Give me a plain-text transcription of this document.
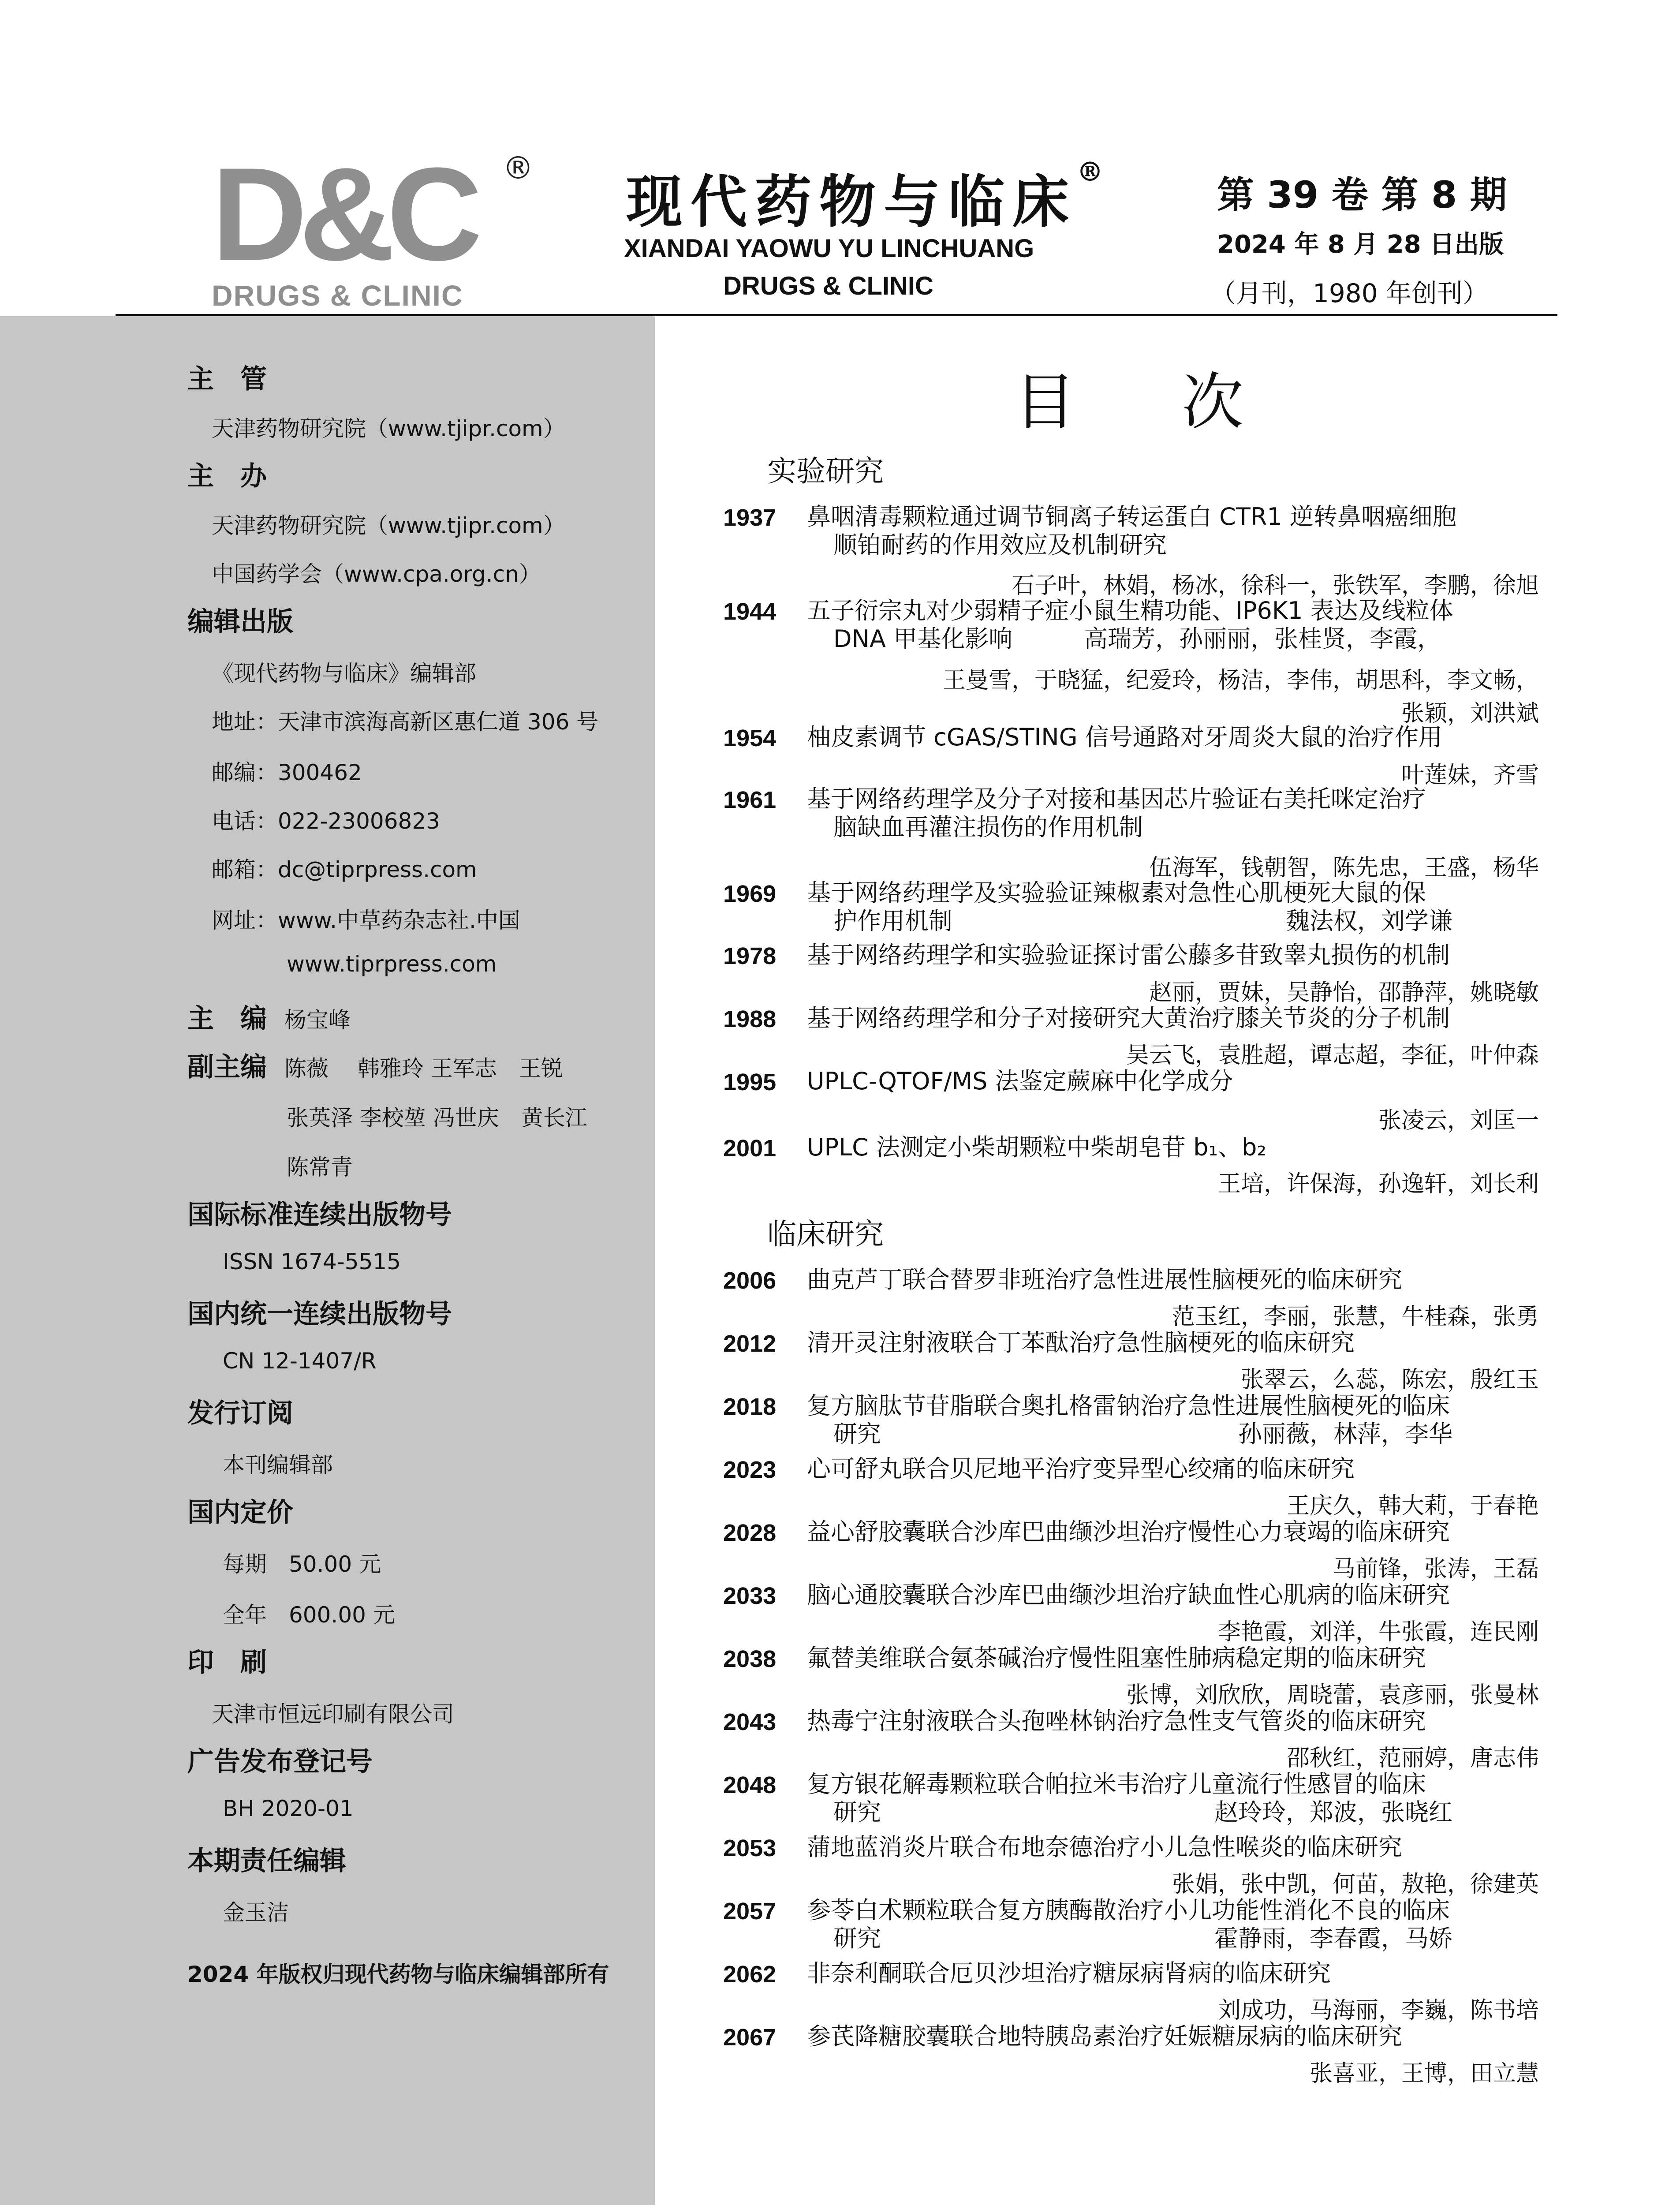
D&C ®
DRUGS & CLINIC
现代药物与临床®
XIANDAI YAOWU YU LINCHUANG
DRUGS & CLINIC
第 39 卷 第 8 期
2024 年 8 月 28 日出版
（月刊，1980 年创刊）
主　管
天津药物研究院（www.tjipr.com）
主　办
天津药物研究院（www.tjipr.com）
中国药学会（www.cpa.org.cn）
编辑出版
《现代药物与临床》编辑部
地址：天津市滨海高新区惠仁道 306 号
邮编：300462
电话：022-23006823
邮箱：dc@tiprpress.com
网址：www.中草药杂志社.中国
www.tiprpress.com
主　编 杨宝峰
副主编 陈薇　 韩雅玲 王军志　王锐
张英泽 李校堃 冯世庆　黄长江
陈常青
国际标准连续出版物号
ISSN 1674-5515
国内统一连续出版物号
CN 12-1407/R
发行订阅
本刊编辑部
国内定价
每期　50.00 元
全年　600.00 元
印　刷
天津市恒远印刷有限公司
广告发布登记号
BH 2020-01
本期责任编辑
金玉洁
2024 年版权归现代药物与临床编辑部所有
目次
实验研究
临床研究
1937 鼻咽清毒颗粒通过调节铜离子转运蛋白 CTR1 逆转鼻咽癌细胞
顺铂耐药的作用效应及机制研究
石子叶，林娟，杨冰，徐科一，张铁军，李鹏，徐旭
1944 五子衍宗丸对少弱精子症小鼠生精功能、IP6K1 表达及线粒体
DNA 甲基化影响　　　高瑞芳，孙丽丽，张桂贤，李霞，
王曼雪，于晓猛，纪爱玲，杨洁，李伟，胡思科，李文畅，
张颖，刘洪斌
1954 柚皮素调节 cGAS/STING 信号通路对牙周炎大鼠的治疗作用
叶莲妹，齐雪
1961 基于网络药理学及分子对接和基因芯片验证右美托咪定治疗
脑缺血再灌注损伤的作用机制
伍海军，钱朝智，陈先忠，王盛，杨华
1969 基于网络药理学及实验验证辣椒素对急性心肌梗死大鼠的保
护作用机制　　　　　　　　　　　　　　魏法权，刘学谦
1978 基于网络药理学和实验验证探讨雷公藤多苷致睾丸损伤的机制
赵丽，贾妹，吴静怡，邵静萍，姚晓敏
1988 基于网络药理学和分子对接研究大黄治疗膝关节炎的分子机制
吴云飞，袁胜超，谭志超，李征，叶仲森
1995 UPLC-QTOF/MS 法鉴定蕨麻中化学成分
张凌云，刘匡一
2001 UPLC 法测定小柴胡颗粒中柴胡皂苷 b₁、b₂
王培，许保海，孙逸轩，刘长利
2006 曲克芦丁联合替罗非班治疗急性进展性脑梗死的临床研究
范玉红，李丽，张慧，牛桂森，张勇
2012 清开灵注射液联合丁苯酞治疗急性脑梗死的临床研究
张翠云，么蕊，陈宏，殷红玉
2018 复方脑肽节苷脂联合奥扎格雷钠治疗急性进展性脑梗死的临床
研究　　　　　　　　　　　　　　　孙丽薇，林萍，李华
2023 心可舒丸联合贝尼地平治疗变异型心绞痛的临床研究
王庆久，韩大莉，于春艳
2028 益心舒胶囊联合沙库巴曲缬沙坦治疗慢性心力衰竭的临床研究
马前锋，张涛，王磊
2033 脑心通胶囊联合沙库巴曲缬沙坦治疗缺血性心肌病的临床研究
李艳霞，刘洋，牛张霞，连民刚
2038 氟替美维联合氨茶碱治疗慢性阻塞性肺病稳定期的临床研究
张博，刘欣欣，周晓蕾，袁彦丽，张曼林
2043 热毒宁注射液联合头孢唑林钠治疗急性支气管炎的临床研究
邵秋红，范丽婷，唐志伟
2048 复方银花解毒颗粒联合帕拉米韦治疗儿童流行性感冒的临床
研究　　　　　　　　　　　　　　赵玲玲，郑波，张晓红
2053 蒲地蓝消炎片联合布地奈德治疗小儿急性喉炎的临床研究
张娟，张中凯，何苗，敖艳，徐建英
2057 参苓白术颗粒联合复方胰酶散治疗小儿功能性消化不良的临床
研究　　　　　　　　　　　　　　霍静雨，李春霞，马娇
2062 非奈利酮联合厄贝沙坦治疗糖尿病肾病的临床研究
刘成功，马海丽，李巍，陈书培
2067 参芪降糖胶囊联合地特胰岛素治疗妊娠糖尿病的临床研究
张喜亚，王博，田立慧
